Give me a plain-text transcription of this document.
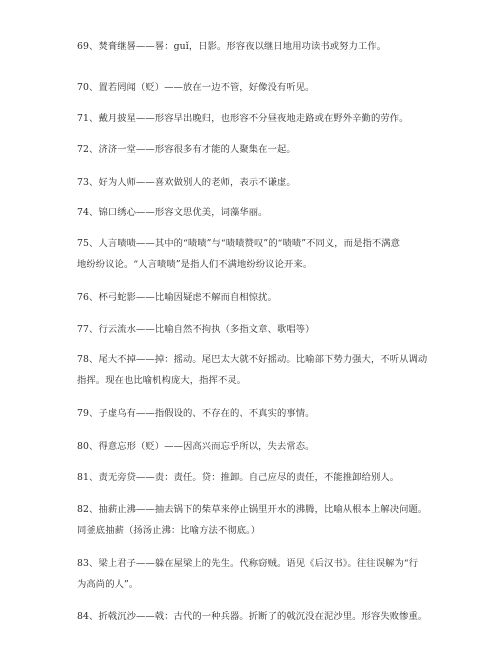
69、焚膏继晷——晷：guǐ，日影。形容夜以继日地用功读书或努力工作。
70、置若罔闻（贬）——放在一边不管，好像没有听见。
71、戴月披星——形容早出晚归，也形容不分昼夜地走路或在野外辛勤的劳作。
72、济济一堂——形容很多有才能的人聚集在一起。
73、好为人师——喜欢做别人的老师，表示不谦虚。
74、锦口绣心——形容文思优美，词藻华丽。
75、人言啧啧——其中的“啧啧”与“啧啧赞叹”的“啧啧”不同义，而是指不满意
地纷纷议论。“人言啧啧”是指人们不满地纷纷议论开来。
76、杯弓蛇影——比喻因疑虑不解而自相惊扰。
77、行云流水——比喻自然不拘执（多指文章、歌唱等）
78、尾大不掉——掉：摇动。尾巴太大就不好摇动。比喻部下势力强大，不听从调动
指挥。现在也比喻机构庞大，指挥不灵。
79、子虚乌有——指假设的、不存在的、不真实的事情。
80、得意忘形（贬）——因高兴而忘乎所以，失去常态。
81、责无旁贷——责：责任。贷：推卸。自己应尽的责任，不能推卸给别人。
82、抽薪止沸——抽去锅下的柴草来停止锅里开水的沸腾，比喻从根本上解决问题。
同釜底抽薪（扬汤止沸：比喻方法不彻底。）
83、梁上君子——躲在屋梁上的先生。代称窃贼。语见《后汉书》。往往误解为“行
为高尚的人”。
84、折戟沉沙——戟：古代的一种兵器。折断了的戟沉没在泥沙里。形容失败惨重。
